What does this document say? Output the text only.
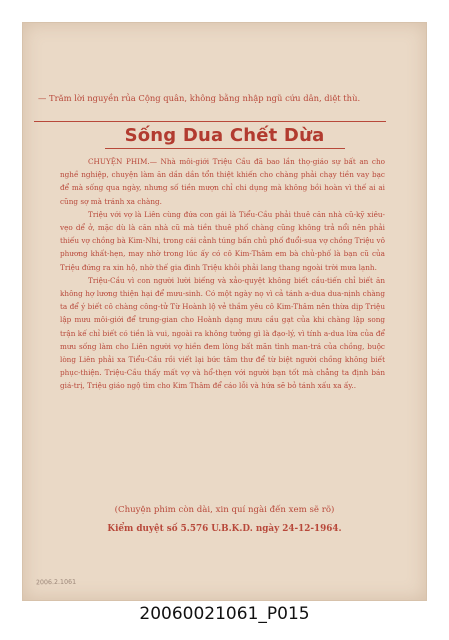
— Trăm lời nguyền rủa Cộng quân, không bằng nhập ngũ cứu dân, diệt thù.
Sống Dua Chết Dừa

CHUYỆN PHIM.— Nhà môi-giới Triệu Cầu đã bao lần thọ-giáo sự bất an cho nghề nghiệp, chuyện làm ăn dần dần tổn thiệt khiến cho chàng phải chạy tiền vay bạc để mà sống qua ngày, nhưng số tiền mượn chỉ chi dụng mà không bồi hoàn vì thế ai ai cũng sợ mà tránh xa chàng.

Triệu với vợ là Liên cùng đứa con gái là Tiểu-Cầu phải thuê căn nhà cũ-kỹ xiêu-vẹo dể ở, mặc dù là căn nhà cũ mà tiền thuê phố chàng cũng không trả nổi nên phải thiếu vợ chồng bà Kim-Nhi, trong cái cảnh túng bấn chủ phố đuổi-sua vợ chồng Triệu vô phương khất-hẹn, may nhờ trong lúc ấy có cô Kim-Thâm em bà chủ-phố là bạn cũ của Triệu đứng ra xin hộ, nhờ thế gia đình Triệu khỏi phải lang thang ngoài trời mưa lạnh.

Triệu-Cầu vì con người lười biếng và xảo-quyệt không biết cầu-tiến chỉ biết ăn không hợ lương thiện hại để mưu-sinh. Có một ngày nọ vì cả tánh a-dua dua-nịnh chàng ta để ý biết cô chàng công-tử Từ Hoành lộ vẻ thầm yêu cô Kim-Thâm nên thừa dịp Triệu lập mưu môi-giới để trung-gian cho Hoành dạng mưu cầu gạt của khi chàng lập song trận kế chỉ biết có tiền là vui, ngoài ra không tưởng gì là đạo-lý, vì tính a-dua lừa của để mưu sống làm cho Liên người vợ hiền đem lòng bất mãn tình man-trá của chồng, buộc lòng Liên phải xa Tiểu-Cầu rồi viết lại bức tâm thư để từ biệt người chồng không biết phục-thiện. Triệu-Cầu thấy mất vợ và hổ-thẹn với người bạn tốt mà chẳng ta định bán giá-trị, Triệu giáo ngộ tìm cho Kim Thâm để cáo lỗi và hứa sẽ bỏ tánh xấu xa ấy..

(Chuyện phim còn dài, xin quí ngài đến xem sẽ rõ)
Kiểm duyệt số 5.576 U.B.K.D. ngày 24-12-1964.
2006.2.1061
20060021061_P015
